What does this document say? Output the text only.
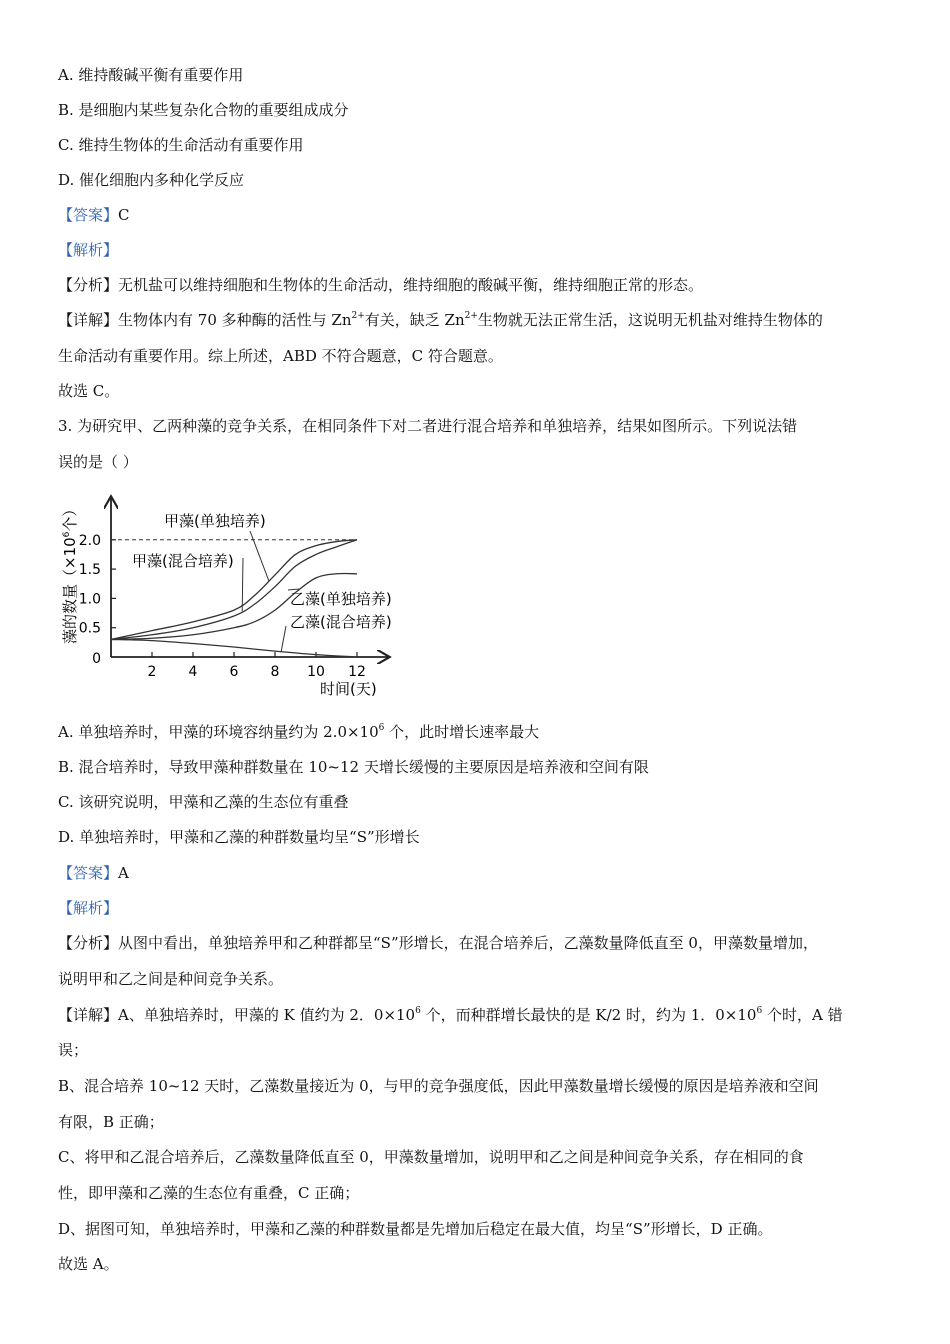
A. 维持酸碱平衡有重要作用
B. 是细胞内某些复杂化合物的重要组成成分
C. 维持生物体的生命活动有重要作用
D. 催化细胞内多种化学反应
【答案】C
【解析】
【分析】无机盐可以维持细胞和生物体的生命活动，维持细胞的酸碱平衡，维持细胞正常的形态。
【详解】生物体内有 70 多种酶的活性与 $Zn^{2+}$有关，缺乏 $Zn^{2+}$生物就无法正常生活，这说明无机盐对维持生物体的
生命活动有重要作用。综上所述，ABD 不符合题意，C 符合题意。
故选 C。
3. 为研究甲、乙两种藻的竞争关系，在相同条件下对二者进行混合培养和单独培养，结果如图所示。下列说法错
误的是（ ）
2 4 6 8 10 12
0
0.5
1.0
1.5
2.0
藻的数量（$\times 10^6$个）
时间(天)
甲藻(单独培养)
甲藻(混合培养)
乙藻(单独培养)
乙藻(混合培养)
A. 单独培养时，甲藻的环境容纳量约为 $2.0\times 10^6$ 个，此时增长速率最大
B. 混合培养时，导致甲藻种群数量在 10~12 天增长缓慢的主要原因是培养液和空间有限
C. 该研究说明，甲藻和乙藻的生态位有重叠
D. 单独培养时，甲藻和乙藻的种群数量均呈“S”形增长
【答案】A
【解析】
【分析】从图中看出，单独培养甲和乙种群都呈“S”形增长，在混合培养后，乙藻数量降低直至 0，甲藻数量增加，
说明甲和乙之间是种间竞争关系。
【详解】A、单独培养时，甲藻的 K 值约为 2．$0\times 10^6$ 个，而种群增长最快的是 K/2 时，约为 1．$0\times 10^6$ 个时，A 错
误；
B、混合培养 10~12 天时，乙藻数量接近为 0，与甲的竞争强度低，因此甲藻数量增长缓慢的原因是培养液和空间
有限，B 正确；
C、将甲和乙混合培养后，乙藻数量降低直至 0，甲藻数量增加，说明甲和乙之间是种间竞争关系，存在相同的食
性，即甲藻和乙藻的生态位有重叠，C 正确；
D、据图可知，单独培养时，甲藻和乙藻的种群数量都是先增加后稳定在最大值，均呈“S”形增长，D 正确。
故选 A。
